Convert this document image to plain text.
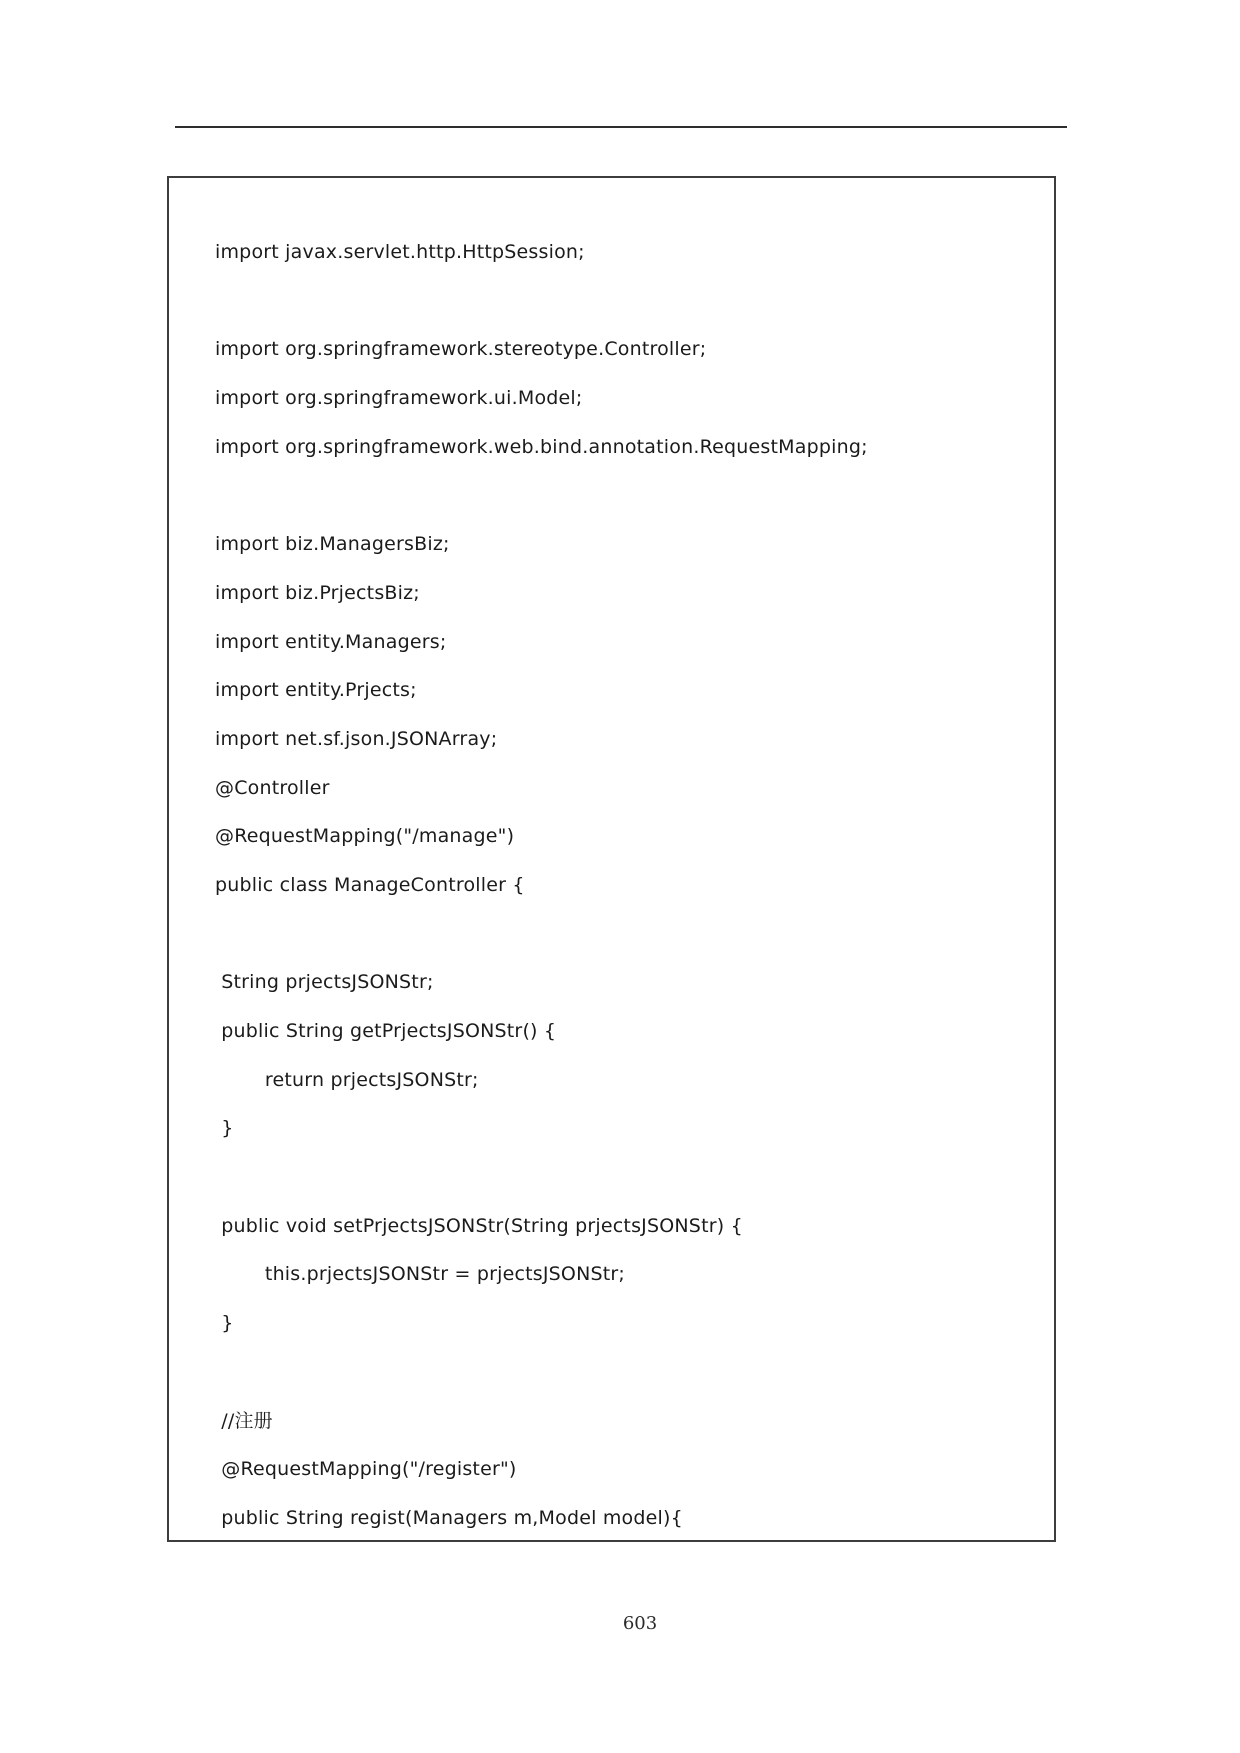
import javax.servlet.http.HttpSession;
import org.springframework.stereotype.Controller;
import org.springframework.ui.Model;
import org.springframework.web.bind.annotation.RequestMapping;
import biz.ManagersBiz;
import biz.PrjectsBiz;
import entity.Managers;
import entity.Prjects;
import net.sf.json.JSONArray;
@Controller
@RequestMapping("/manage")
public class ManageController {
String prjectsJSONStr;
public String getPrjectsJSONStr() {
return prjectsJSONStr;
}
public void setPrjectsJSONStr(String prjectsJSONStr) {
this.prjectsJSONStr = prjectsJSONStr;
}
//注册
@RequestMapping("/register")
public String regist(Managers m,Model model){
603
